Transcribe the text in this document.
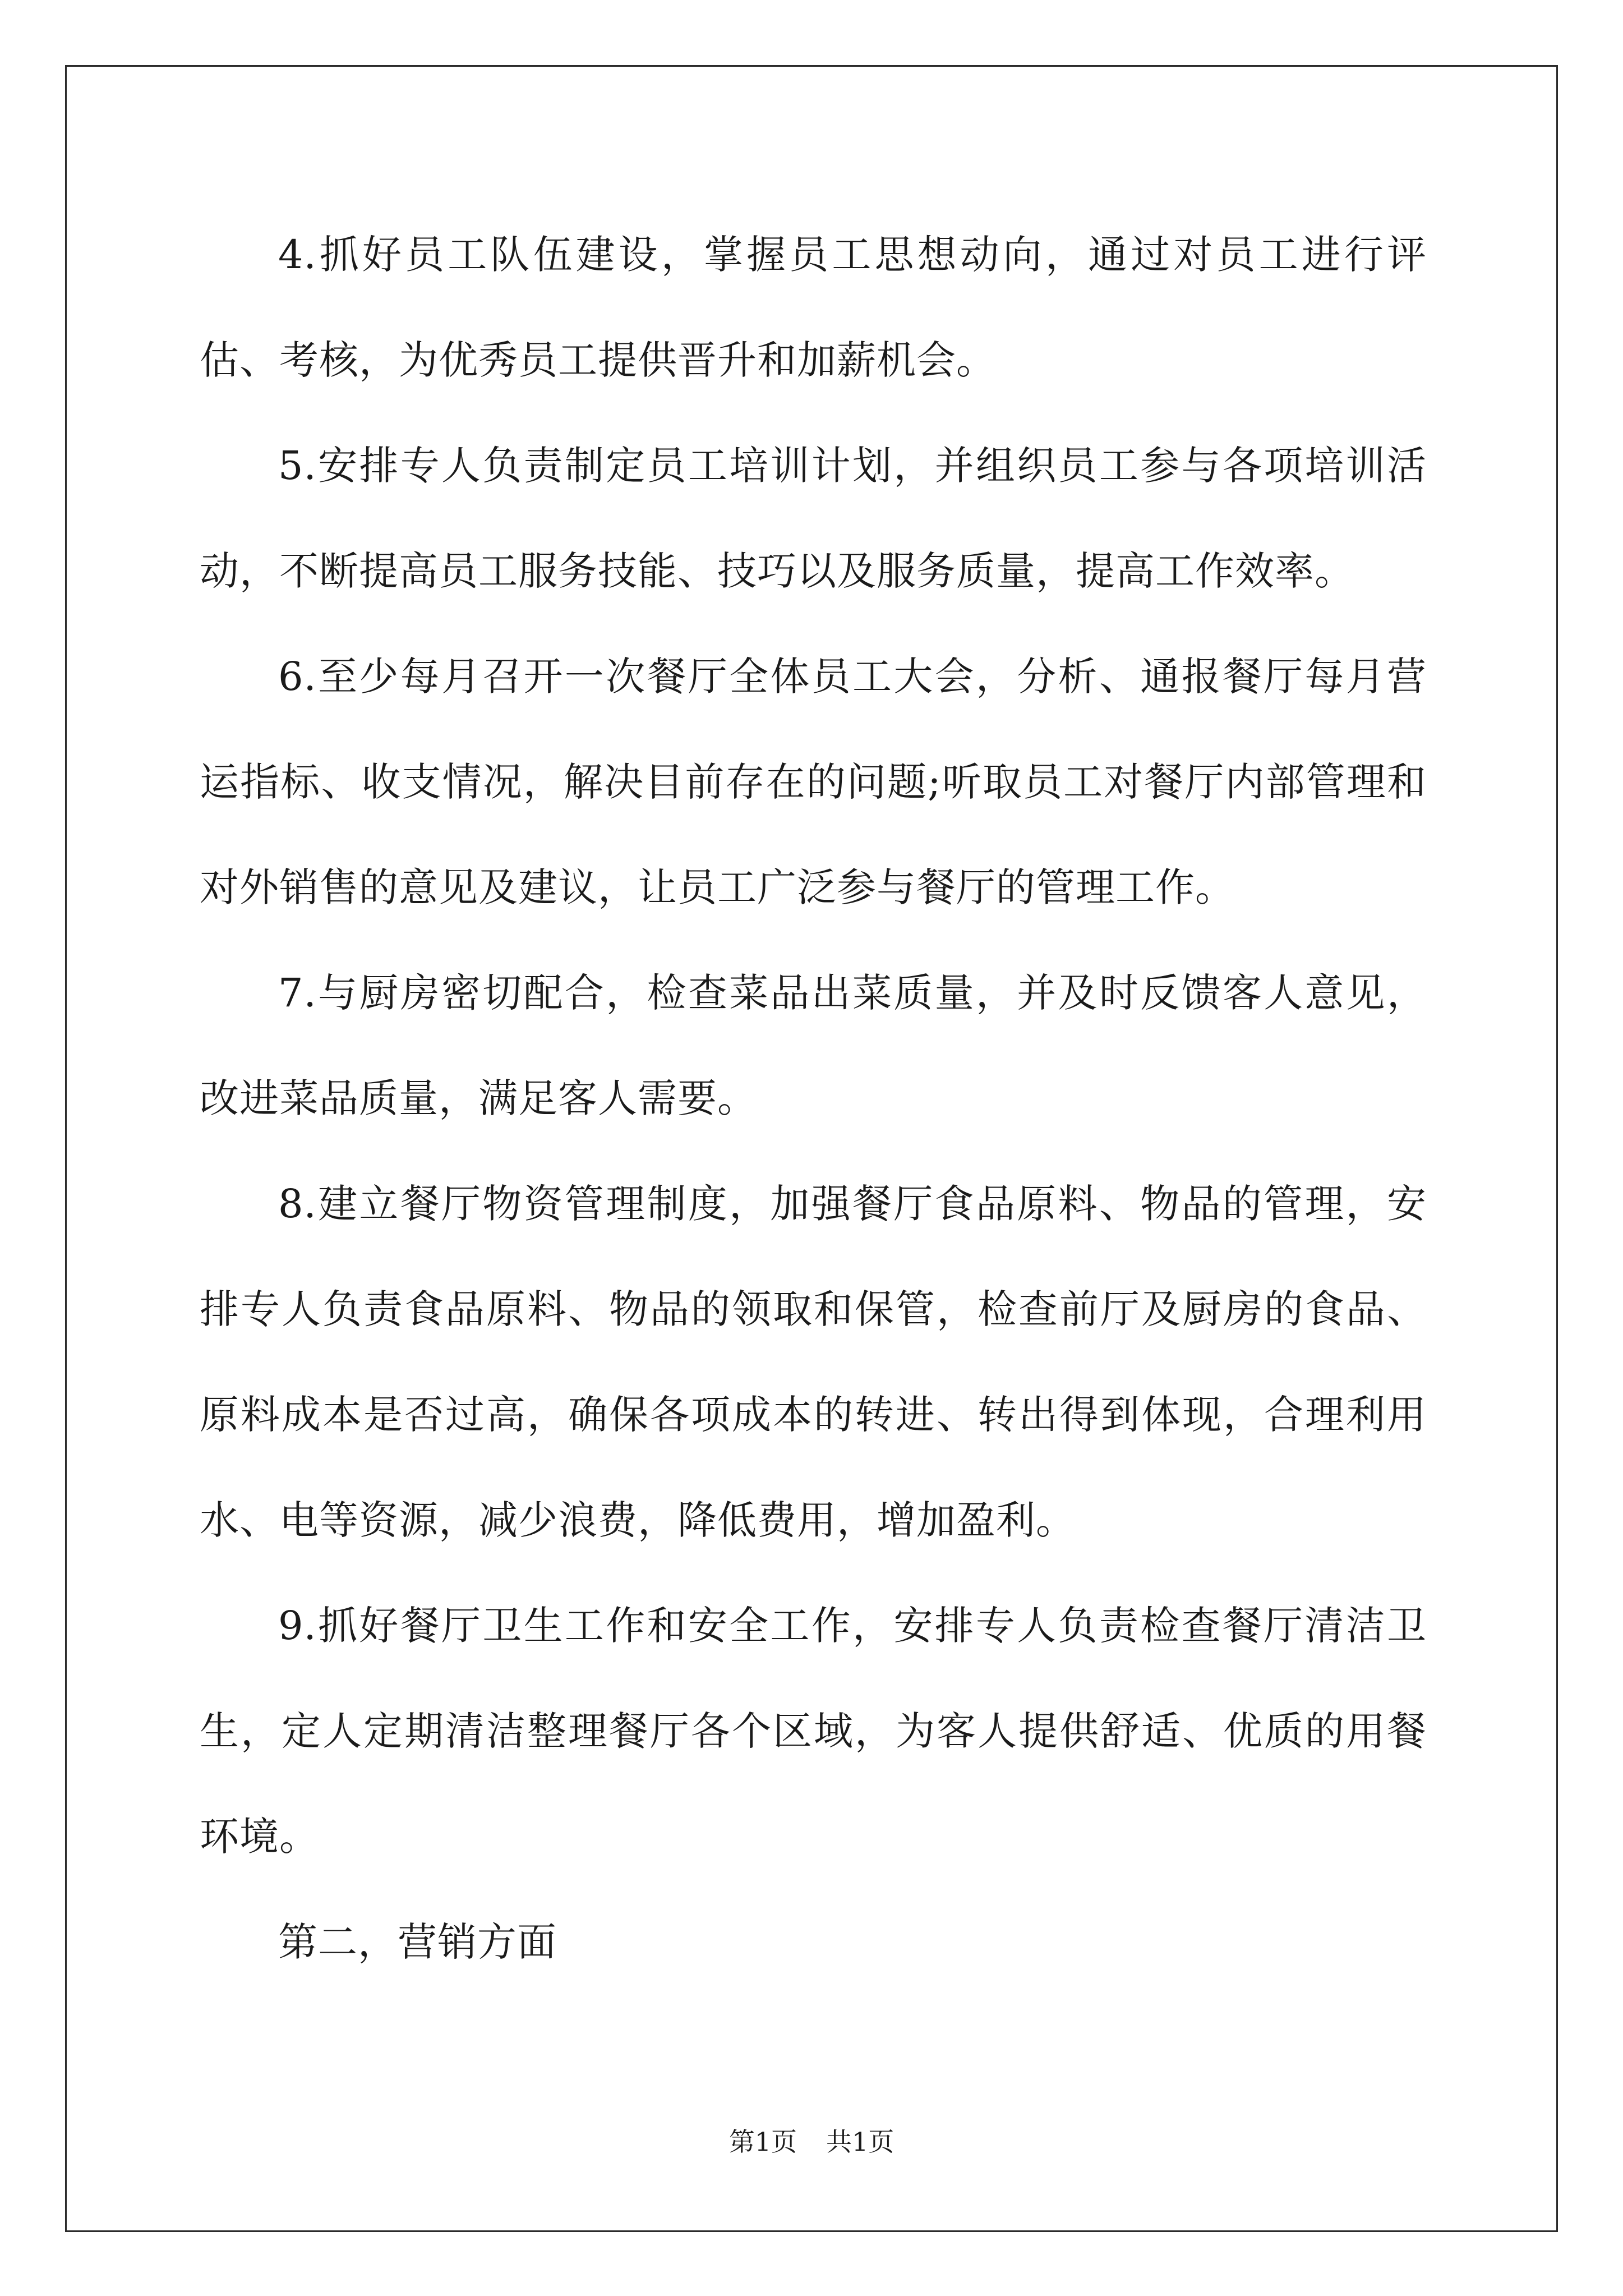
4.抓好员工队伍建设，掌握员工思想动向，通过对员工进行评估、考核，为优秀员工提供晋升和加薪机会。

5.安排专人负责制定员工培训计划，并组织员工参与各项培训活动，不断提高员工服务技能、技巧以及服务质量，提高工作效率。

6.至少每月召开一次餐厅全体员工大会，分析、通报餐厅每月营运指标、收支情况，解决目前存在的问题;听取员工对餐厅内部管理和对外销售的意见及建议，让员工广泛参与餐厅的管理工作。

7.与厨房密切配合，检查菜品出菜质量，并及时反馈客人意见，改进菜品质量，满足客人需要。

8.建立餐厅物资管理制度，加强餐厅食品原料、物品的管理，安排专人负责食品原料、物品的领取和保管，检查前厅及厨房的食品、原料成本是否过高，确保各项成本的转进、转出得到体现，合理利用水、电等资源，减少浪费，降低费用，增加盈利。

9.抓好餐厅卫生工作和安全工作，安排专人负责检查餐厅清洁卫生，定人定期清洁整理餐厅各个区域，为客人提供舒适、优质的用餐环境。

第二，营销方面

第1页 共1页
